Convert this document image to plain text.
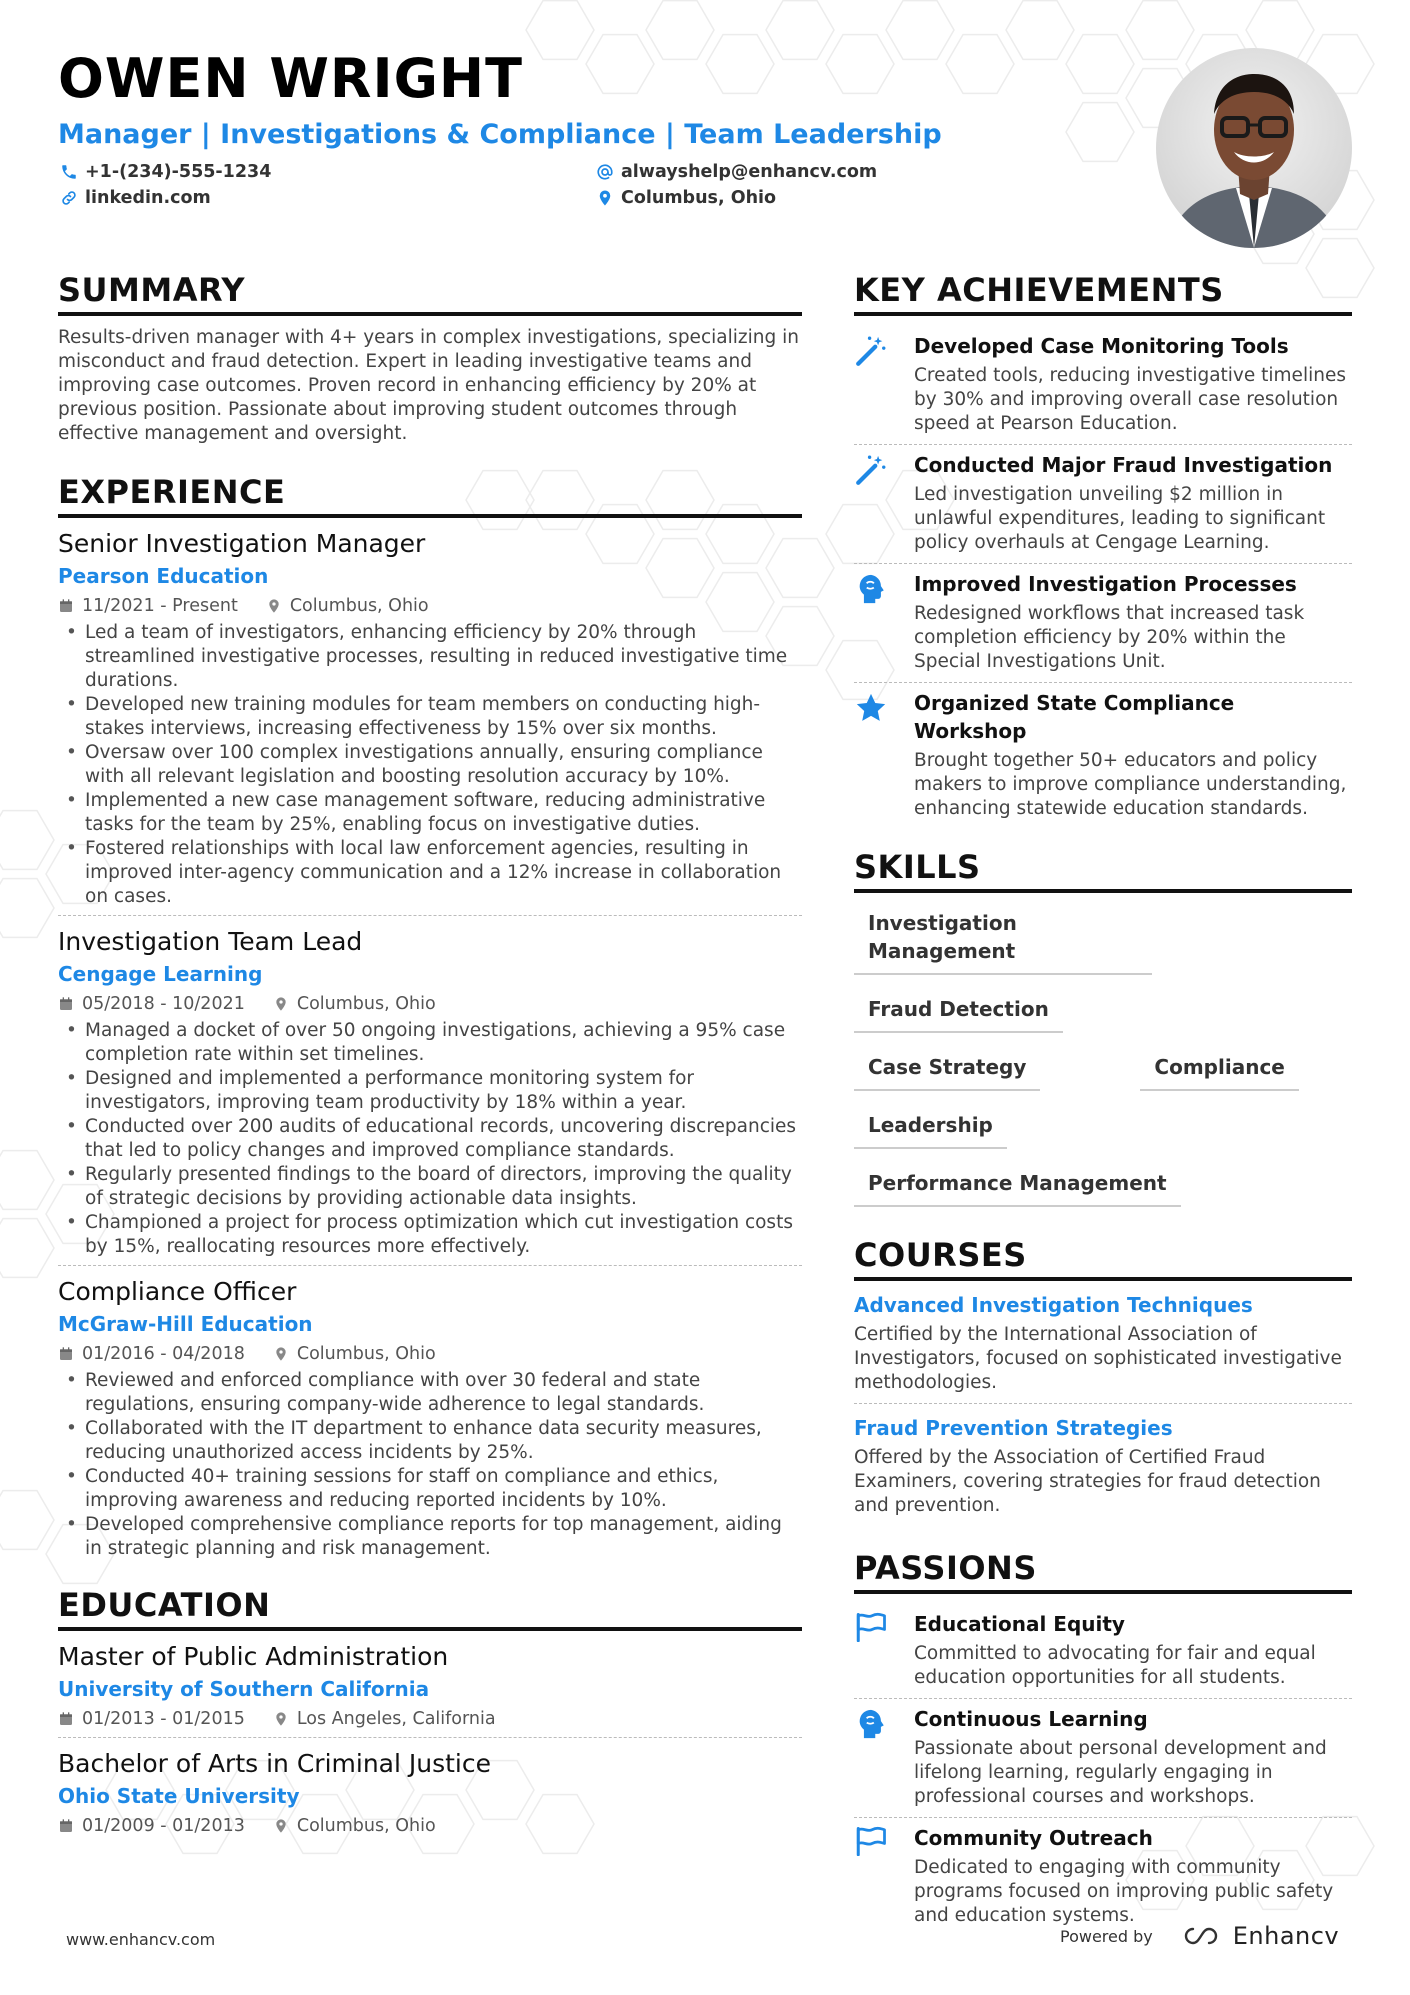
OWEN WRIGHT
Manager | Investigations & Compliance | Team Leadership
+1-(234)-555-1234	alwayshelp@enhancv.com
linkedin.com	Columbus, Ohio
SUMMARY
Results-driven manager with 4+ years in complex investigations, specializing in misconduct and fraud detection. Expert in leading investigative teams and improving case outcomes. Proven record in enhancing efficiency by 20% at previous position. Passionate about improving student outcomes through effective management and oversight.
EXPERIENCE
Senior Investigation Manager
Pearson Education
11/2021 - Present	Columbus, Ohio
• Led a team of investigators, enhancing efficiency by 20% through streamlined investigative processes, resulting in reduced investigative time durations.
• Developed new training modules for team members on conducting high-stakes interviews, increasing effectiveness by 15% over six months.
• Oversaw over 100 complex investigations annually, ensuring compliance with all relevant legislation and boosting resolution accuracy by 10%.
• Implemented a new case management software, reducing administrative tasks for the team by 25%, enabling focus on investigative duties.
• Fostered relationships with local law enforcement agencies, resulting in improved inter-agency communication and a 12% increase in collaboration on cases.
Investigation Team Lead
Cengage Learning
05/2018 - 10/2021	Columbus, Ohio
• Managed a docket of over 50 ongoing investigations, achieving a 95% case completion rate within set timelines.
• Designed and implemented a performance monitoring system for investigators, improving team productivity by 18% within a year.
• Conducted over 200 audits of educational records, uncovering discrepancies that led to policy changes and improved compliance standards.
• Regularly presented findings to the board of directors, improving the quality of strategic decisions by providing actionable data insights.
• Championed a project for process optimization which cut investigation costs by 15%, reallocating resources more effectively.
Compliance Officer
McGraw-Hill Education
01/2016 - 04/2018	Columbus, Ohio
• Reviewed and enforced compliance with over 30 federal and state regulations, ensuring company-wide adherence to legal standards.
• Collaborated with the IT department to enhance data security measures, reducing unauthorized access incidents by 25%.
• Conducted 40+ training sessions for staff on compliance and ethics, improving awareness and reducing reported incidents by 10%.
• Developed comprehensive compliance reports for top management, aiding in strategic planning and risk management.
EDUCATION
Master of Public Administration
University of Southern California
01/2013 - 01/2015	Los Angeles, California
Bachelor of Arts in Criminal Justice
Ohio State University
01/2009 - 01/2013	Columbus, Ohio
KEY ACHIEVEMENTS
Developed Case Monitoring Tools
Created tools, reducing investigative timelines by 30% and improving overall case resolution speed at Pearson Education.
Conducted Major Fraud Investigation
Led investigation unveiling $2 million in unlawful expenditures, leading to significant policy overhauls at Cengage Learning.
Improved Investigation Processes
Redesigned workflows that increased task completion efficiency by 20% within the Special Investigations Unit.
Organized State Compliance Workshop
Brought together 50+ educators and policy makers to improve compliance understanding, enhancing statewide education standards.
SKILLS
Investigation Management
Fraud Detection
Case Strategy	Compliance
Leadership
Performance Management
COURSES
Advanced Investigation Techniques
Certified by the International Association of Investigators, focused on sophisticated investigative methodologies.
Fraud Prevention Strategies
Offered by the Association of Certified Fraud Examiners, covering strategies for fraud detection and prevention.
PASSIONS
Educational Equity
Committed to advocating for fair and equal education opportunities for all students.
Continuous Learning
Passionate about personal development and lifelong learning, regularly engaging in professional courses and workshops.
Community Outreach
Dedicated to engaging with community programs focused on improving public safety and education systems.
www.enhancv.com	Powered by	Enhancv
